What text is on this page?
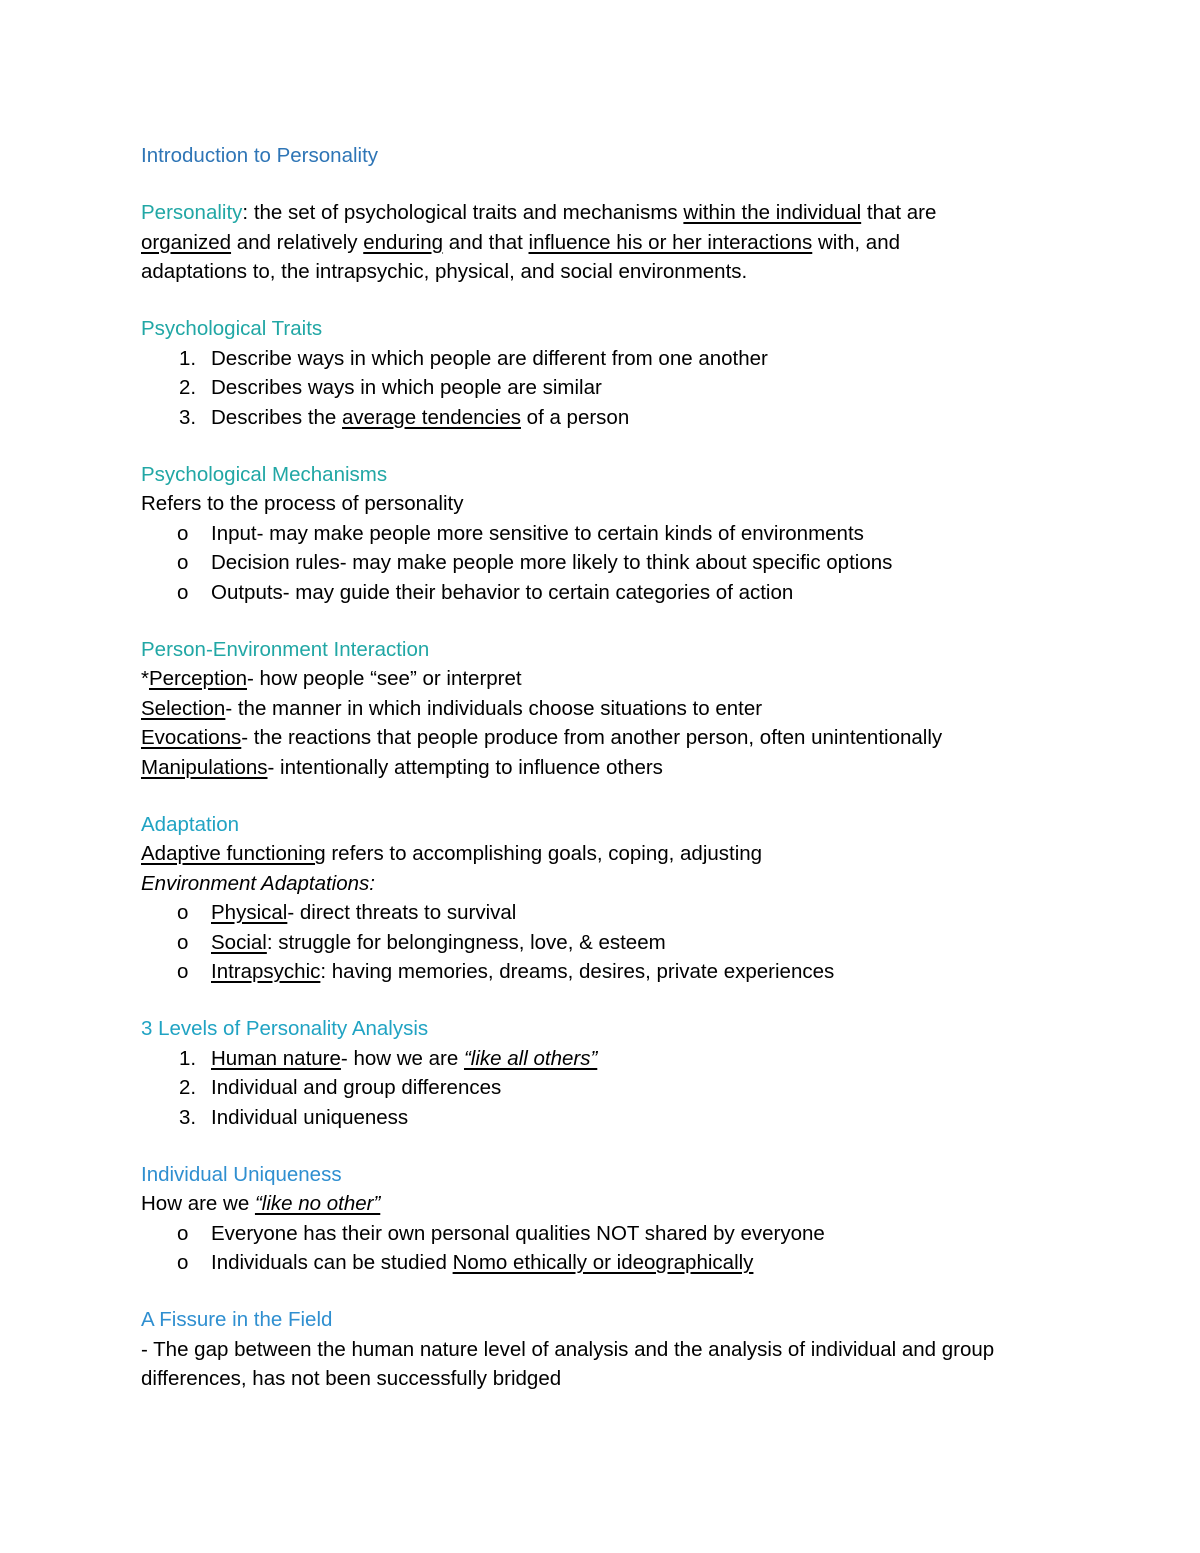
Introduction to Personality
Personality: the set of psychological traits and mechanisms within the individual that are
organized and relatively enduring and that influence his or her interactions with, and
adaptations to, the intrapsychic, physical, and social environments.
Psychological Traits
1. Describe ways in which people are different from one another
2. Describes ways in which people are similar
3. Describes the average tendencies of a person
Psychological Mechanisms
Refers to the process of personality
o Input- may make people more sensitive to certain kinds of environments
o Decision rules- may make people more likely to think about specific options
o Outputs- may guide their behavior to certain categories of action
Person-Environment Interaction
*Perception- how people “see” or interpret
Selection- the manner in which individuals choose situations to enter
Evocations- the reactions that people produce from another person, often unintentionally
Manipulations- intentionally attempting to influence others
Adaptation
Adaptive functioning refers to accomplishing goals, coping, adjusting
Environment Adaptations:
o Physical- direct threats to survival
o Social: struggle for belongingness, love, & esteem
o Intrapsychic: having memories, dreams, desires, private experiences
3 Levels of Personality Analysis
1. Human nature- how we are “like all others”
2. Individual and group differences
3. Individual uniqueness
Individual Uniqueness
How are we “like no other”
o Everyone has their own personal qualities NOT shared by everyone
o Individuals can be studied Nomo ethically or ideographically
A Fissure in the Field
- The gap between the human nature level of analysis and the analysis of individual and group
differences, has not been successfully bridged
